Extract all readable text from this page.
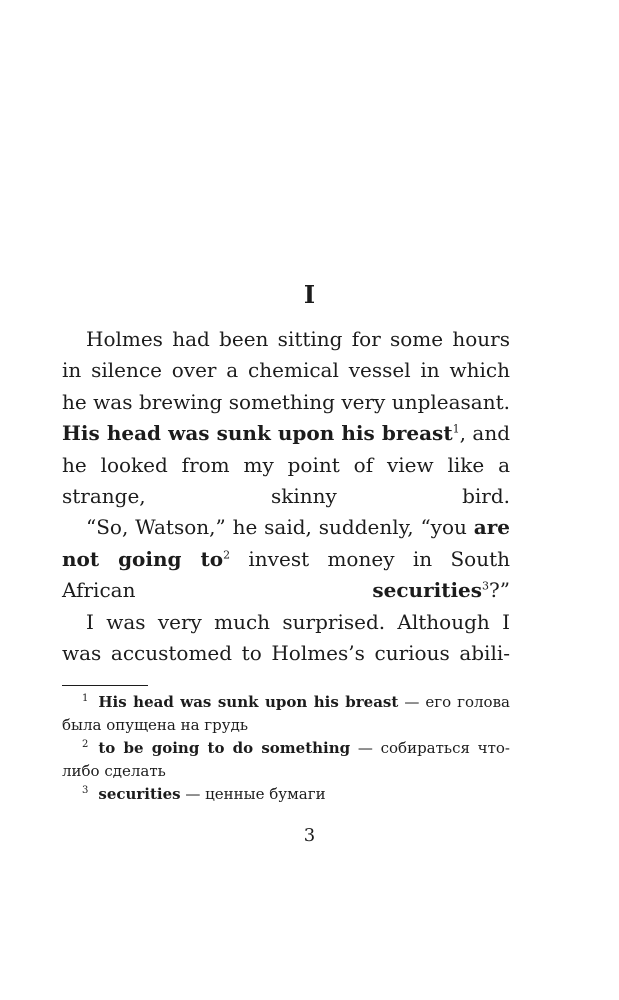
I

Holmes had been sitting for some hours in silence over a chemical vessel in which he was brewing something very unpleasant. His head was sunk upon his breast$^1$, and he looked from my point of view like a strange, skinny bird.

“So, Watson,” he said, suddenly, “you are not going $to^2$ invest money in South African securities$^3$?”

I was very much surprised. Although I was accustomed to Holmes’s curious abili-

$^1$ His head was sunk upon his breast — его голова была опущена на грудь

$^2$ to be going to do something — собираться что-либо сделать

$^3$ securities — ценные бумаги

3
